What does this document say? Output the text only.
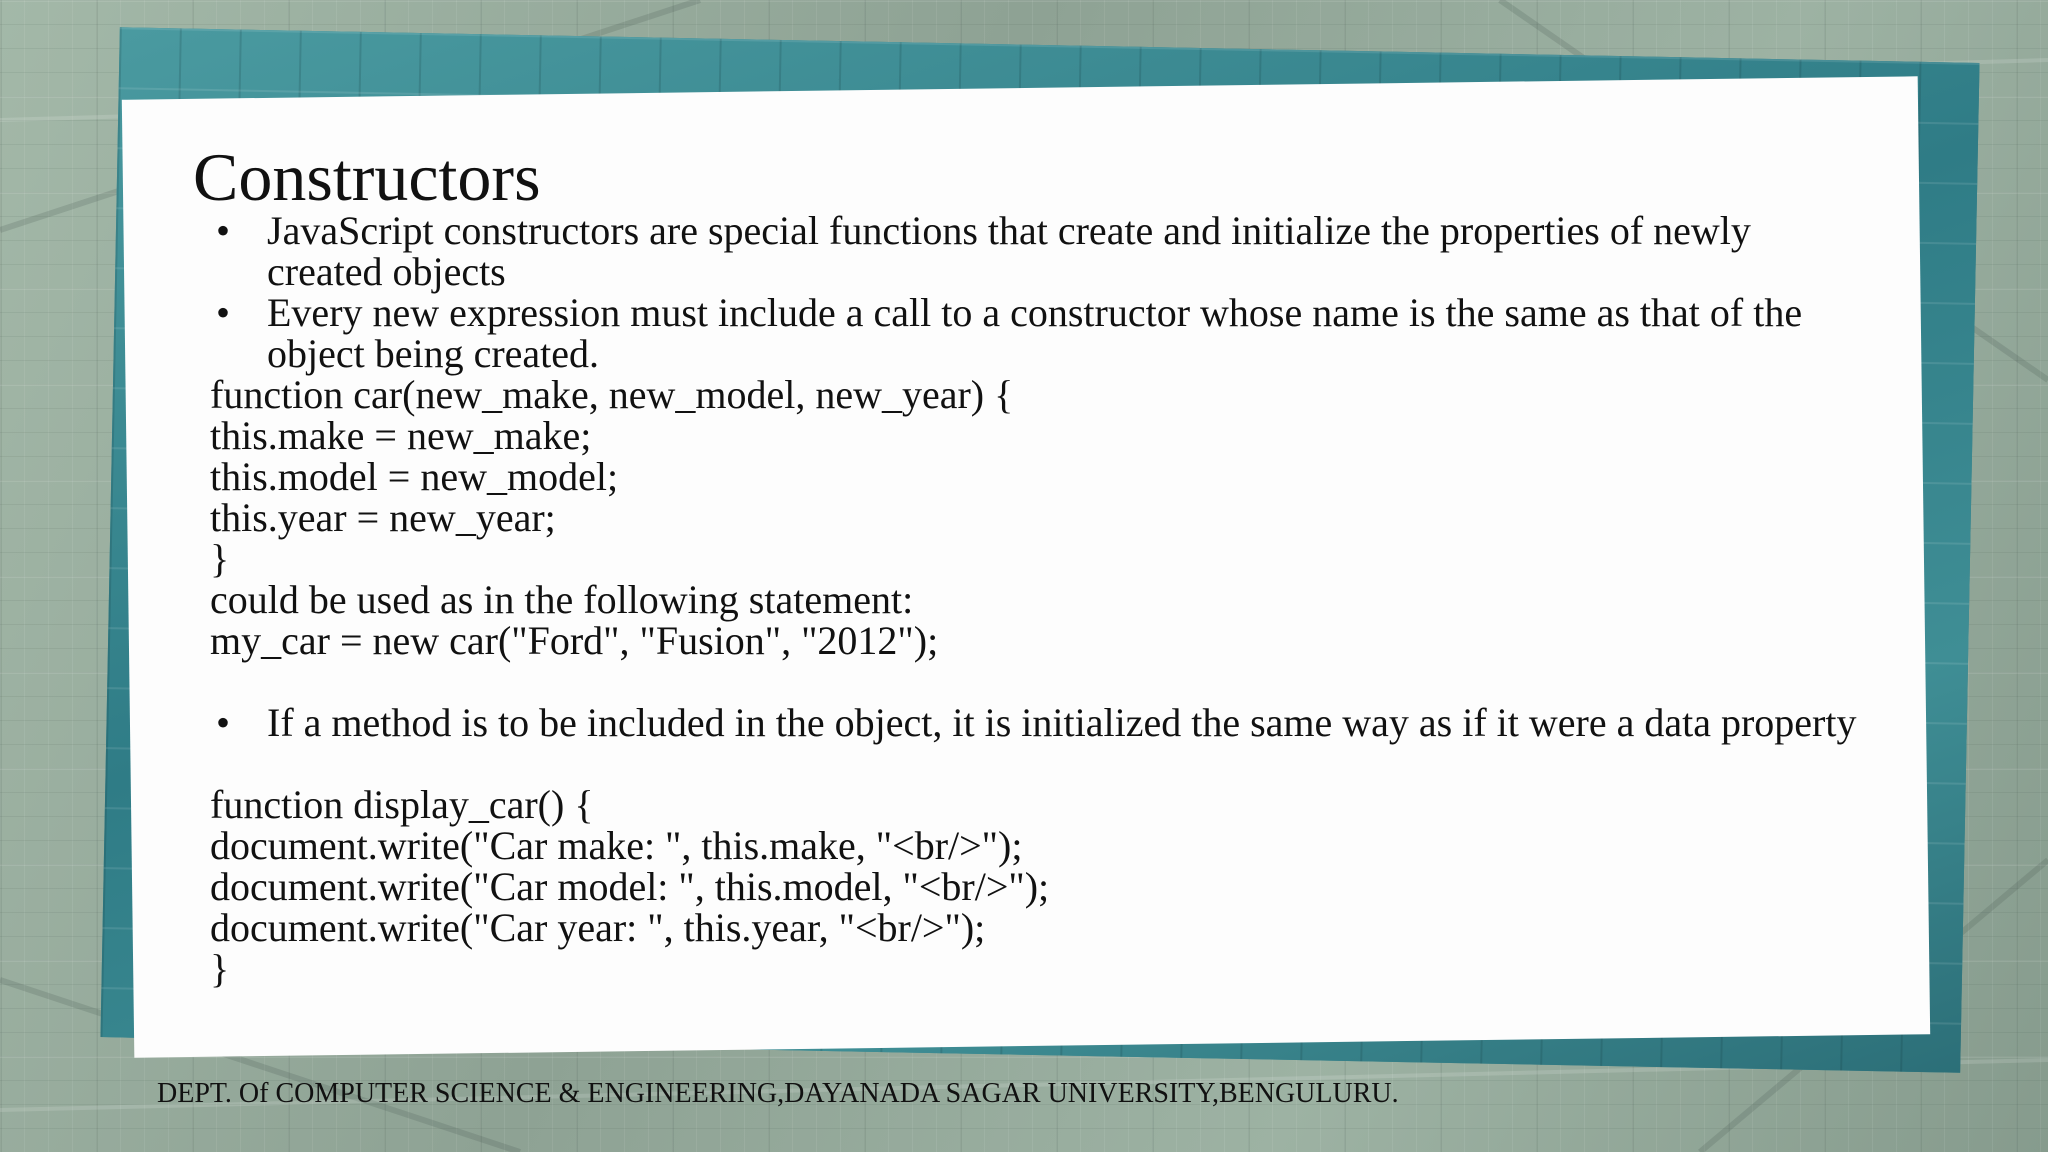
Constructors
• JavaScript constructors are special functions that create and initialize the properties of newly created objects
• Every new expression must include a call to a constructor whose name is the same as that of the object being created.
function car(new_make, new_model, new_year) {
this.make = new_make;
this.model = new_model;
this.year = new_year;
}
could be used as in the following statement:
my_car = new car("Ford", "Fusion", "2012");
• If a method is to be included in the object, it is initialized the same way as if it were a data property
function display_car() {
document.write("Car make: ", this.make, "<br/>");
document.write("Car model: ", this.model, "<br/>");
document.write("Car year: ", this.year, "<br/>");
}
DEPT. Of COMPUTER SCIENCE & ENGINEERING,DAYANADA SAGAR UNIVERSITY,BENGULURU.
